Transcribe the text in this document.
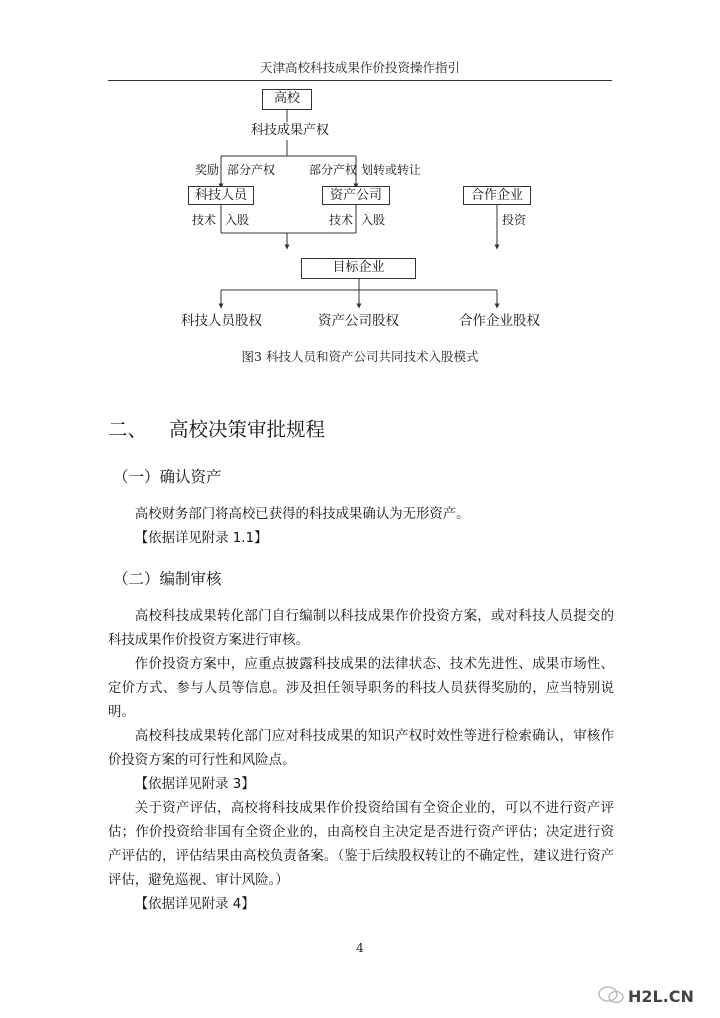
天津高校科技成果作价投资操作指引
高校
科技成果产权
奖励 部分产权	部分产权 划转或转让
科技人员	资产公司	合作企业
技术 入股	技术 入股	投资
目标企业
科技人员股权	资产公司股权	合作企业股权
图3 科技人员和资产公司共同技术入股模式
二、 高校决策审批规程
（一）确认资产

高校财务部门将高校已获得的科技成果确认为无形资产。

【依据详见附录 1.1】

（二）编制审核

高校科技成果转化部门自行编制以科技成果作价投资方案，或对科技人员提交的科技成果作价投资方案进行审核。

作价投资方案中，应重点披露科技成果的法律状态、技术先进性、成果市场性、定价方式、参与人员等信息。涉及担任领导职务的科技人员获得奖励的，应当特别说明。

高校科技成果转化部门应对科技成果的知识产权时效性等进行检索确认，审核作价投资方案的可行性和风险点。

【依据详见附录 3】

关于资产评估，高校将科技成果作价投资给国有全资企业的，可以不进行资产评估；作价投资给非国有全资企业的，由高校自主决定是否进行资产评估；决定进行资产评估的，评估结果由高校负责备案。（鉴于后续股权转让的不确定性，建议进行资产评估，避免巡视、审计风险。）

【依据详见附录 4】

4
H2L.CN
